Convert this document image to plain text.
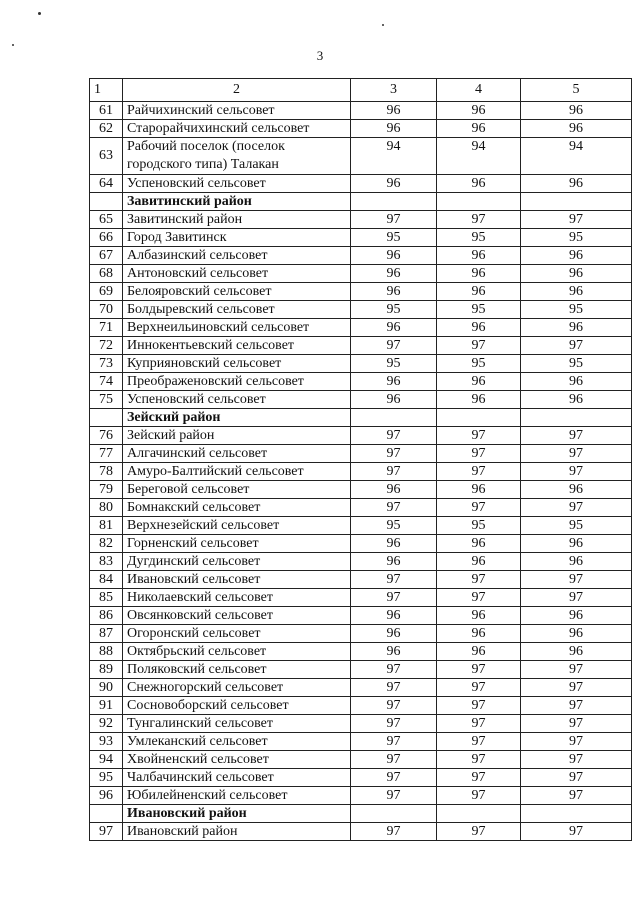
3
1	2	3	4	5
61	Райчихинский сельсовет	96	96	96
62	Старорайчихинский сельсовет	96	96	96
63	Рабочий поселок (поселок городского типа) Талакан	94	94	94
64	Успеновский сельсовет	96	96	96
	Завитинский район			
65	Завитинский район	97	97	97
66	Город Завитинск	95	95	95
67	Албазинский сельсовет	96	96	96
68	Антоновский сельсовет	96	96	96
69	Белояровский сельсовет	96	96	96
70	Болдыревский сельсовет	95	95	95
71	Верхнеильиновский сельсовет	96	96	96
72	Иннокентьевский сельсовет	97	97	97
73	Куприяновский сельсовет	95	95	95
74	Преображеновский сельсовет	96	96	96
75	Успеновский сельсовет	96	96	96
	Зейский район			
76	Зейский район	97	97	97
77	Алгачинский сельсовет	97	97	97
78	Амуро-Балтийский сельсовет	97	97	97
79	Береговой сельсовет	96	96	96
80	Бомнакский сельсовет	97	97	97
81	Верхнезейский сельсовет	95	95	95
82	Горненский сельсовет	96	96	96
83	Дугдинский сельсовет	96	96	96
84	Ивановский сельсовет	97	97	97
85	Николаевский сельсовет	97	97	97
86	Овсянковский сельсовет	96	96	96
87	Огоронский сельсовет	96	96	96
88	Октябрьский сельсовет	96	96	96
89	Поляковский сельсовет	97	97	97
90	Снежногорский сельсовет	97	97	97
91	Сосновоборский сельсовет	97	97	97
92	Тунгалинский сельсовет	97	97	97
93	Умлеканский сельсовет	97	97	97
94	Хвойненский сельсовет	97	97	97
95	Чалбачинский сельсовет	97	97	97
96	Юбилейненский сельсовет	97	97	97
	Ивановский район			
97	Ивановский район	97	97	97
